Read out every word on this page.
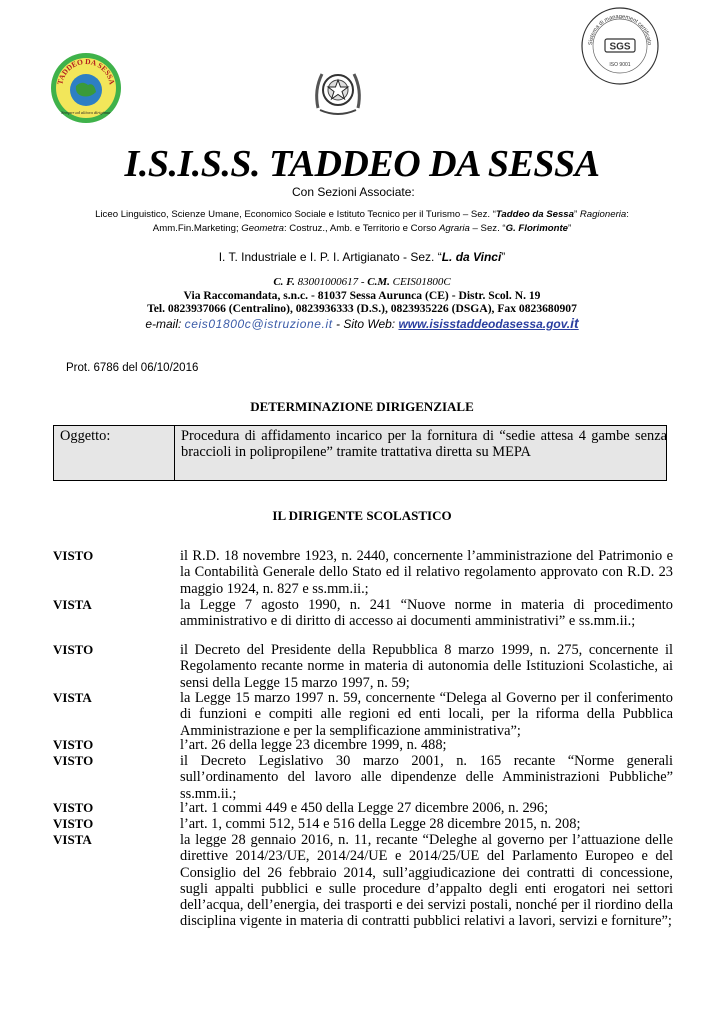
TADDEO DA SESSA
Semper ad altiora dirigimur
Sistema di management certificato
SGS
ISO 9001
I.S.I.S.S. TADDEO DA SESSA
Con Sezioni Associate:
Liceo Linguistico, Scienze Umane, Economico Sociale e Istituto Tecnico per il Turismo – Sez. “Taddeo da Sessa” Ragioneria:
Amm.Fin.Marketing; Geometra: Costruz., Amb. e Territorio e Corso Agraria – Sez. “G. Florimonte”
I. T. Industriale e I. P. I. Artigianato - Sez. “L. da Vinci”
C. F. 83001000617 - C.M. CEIS01800C
Via Raccomandata, s.n.c. - 81037 Sessa Aurunca (CE) - Distr. Scol. N. 19
Tel. 0823937066 (Centralino), 0823936333 (D.S.), 0823935226 (DSGA), Fax 0823680907
e-mail: ceis01800c@istruzione.it - Sito Web: www.isisstaddeodasessa.gov.it
Prot. 6786 del 06/10/2016
DETERMINAZIONE DIRIGENZIALE
Oggetto:	Procedura di affidamento incarico per la fornitura di “sedie attesa 4 gambe senza braccioli in polipropilene” tramite trattativa diretta su MEPA
IL DIRIGENTE SCOLASTICO
VISTO	il R.D. 18 novembre 1923, n. 2440, concernente l’amministrazione del Patrimonio e la Contabilità Generale dello Stato ed il relativo regolamento approvato con R.D. 23 maggio 1924, n. 827 e ss.mm.ii.;
VISTA	la Legge 7 agosto 1990, n. 241 “Nuove norme in materia di procedimento amministrativo e di diritto di accesso ai documenti amministrativi” e ss.mm.ii.;
VISTO	il Decreto del Presidente della Repubblica 8 marzo 1999, n. 275, concernente il Regolamento recante norme in materia di autonomia delle Istituzioni Scolastiche, ai sensi della Legge 15 marzo 1997, n. 59;
VISTA	la Legge 15 marzo 1997 n. 59, concernente “Delega al Governo per il conferimento di funzioni e compiti alle regioni ed enti locali, per la riforma della Pubblica Amministrazione e per la semplificazione amministrativa”;
VISTO	l’art. 26 della legge 23 dicembre 1999, n. 488;
VISTO	il Decreto Legislativo 30 marzo 2001, n. 165 recante “Norme generali sull’ordinamento del lavoro alle dipendenze delle Amministrazioni Pubbliche” ss.mm.ii.;
VISTO	l’art. 1 commi 449 e 450 della Legge 27 dicembre 2006, n. 296;
VISTO	l’art. 1, commi 512, 514 e 516 della Legge 28 dicembre 2015, n. 208;
VISTA	la legge 28 gennaio 2016, n. 11, recante “Deleghe al governo per l’attuazione delle direttive 2014/23/UE, 2014/24/UE e 2014/25/UE del Parlamento Europeo e del Consiglio del 26 febbraio 2014, sull’aggiudicazione dei contratti di concessione, sugli appalti pubblici e sulle procedure d’appalto degli enti erogatori nei settori dell’acqua, dell’energia, dei trasporti e dei servizi postali, nonché per il riordino della disciplina vigente in materia di contratti pubblici relativi a lavori, servizi e forniture”;
